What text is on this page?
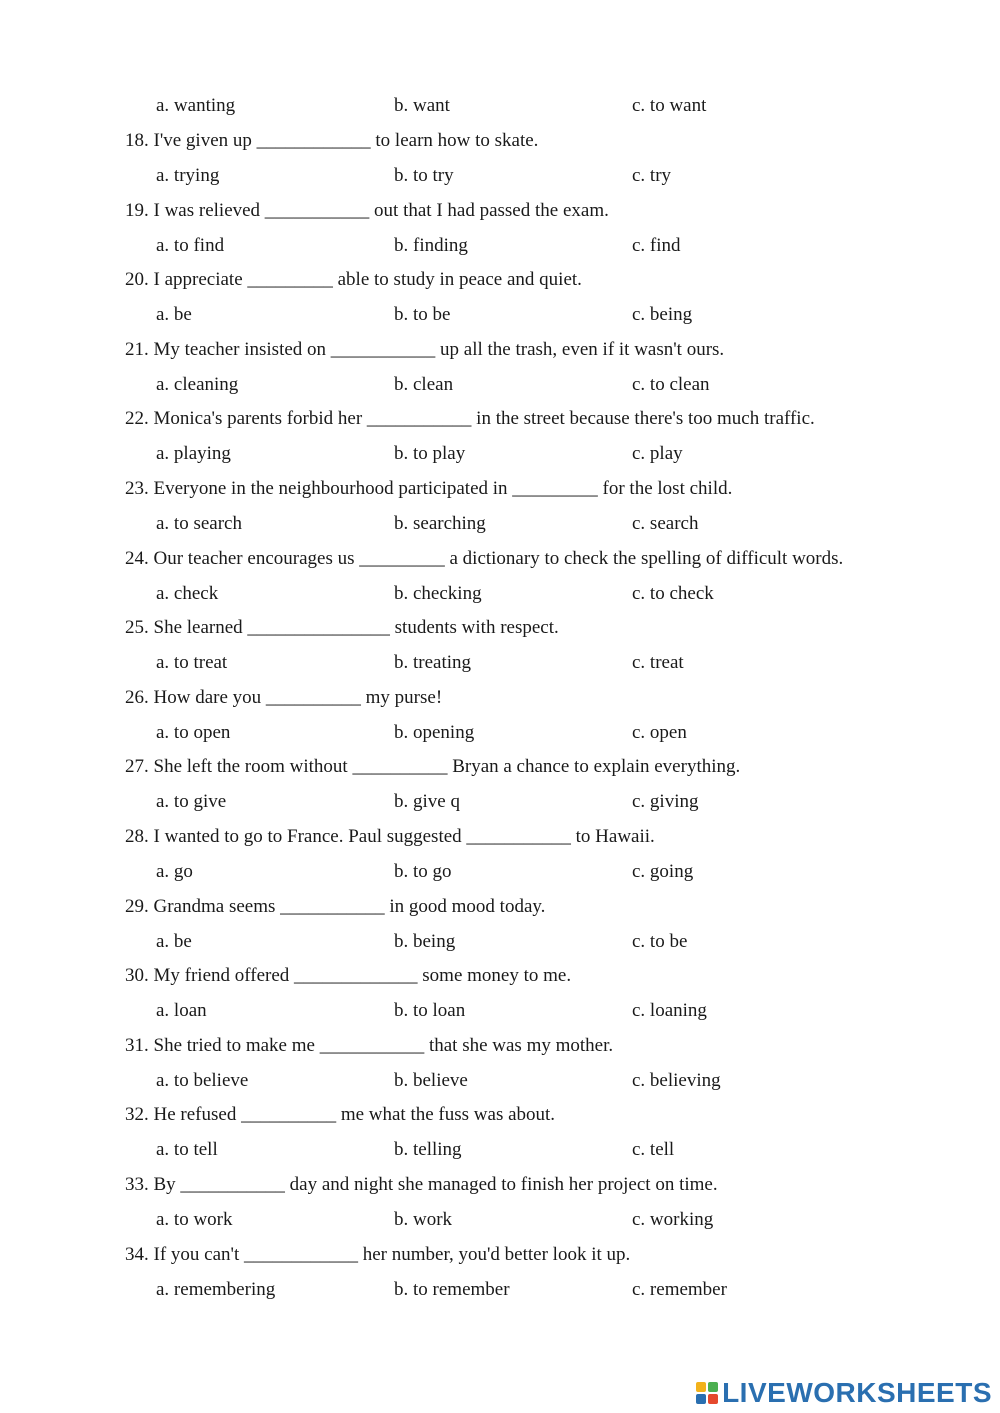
a. wanting	b. want	c. to want
18. I've given up ____________ to learn how to skate.
a. trying	b. to try	c. try
19. I was relieved ___________ out that I had passed the exam.
a. to find	b. finding	c. find
20. I appreciate _________ able to study in peace and quiet.
a. be	b. to be	c. being
21. My teacher insisted on ___________ up all the trash, even if it wasn't ours.
a. cleaning	b. clean	c. to clean
22. Monica's parents forbid her ___________ in the street because there's too much traffic.
a. playing	b. to play	c. play
23. Everyone in the neighbourhood participated in _________ for the lost child.
a. to search	b. searching	c. search
24. Our teacher encourages us _________ a dictionary to check the spelling of difficult words.
a. check	b. checking	c. to check
25. She learned _______________ students with respect.
a. to treat	b. treating	c. treat
26. How dare you __________ my purse!
a. to open	b. opening	c. open
27. She left the room without __________ Bryan a chance to explain everything.
a. to give	b. give q	c. giving
28. I wanted to go to France. Paul suggested ___________ to Hawaii.
a. go	b. to go	c. going
29. Grandma seems ___________ in good mood today.
a. be	b. being	c. to be
30. My friend offered _____________ some money to me.
a. loan	b. to loan	c. loaning
31. She tried to make me ___________ that she was my mother.
a. to believe	b. believe	c. believing
32. He refused __________ me what the fuss was about.
a. to tell	b. telling	c. tell
33. By ___________ day and night she managed to finish her project on time.
a. to work	b. work	c. working
34. If you can't ____________ her number, you'd better look it up.
a. remembering	b. to remember	c. remember
LIVEWORKSHEETS
